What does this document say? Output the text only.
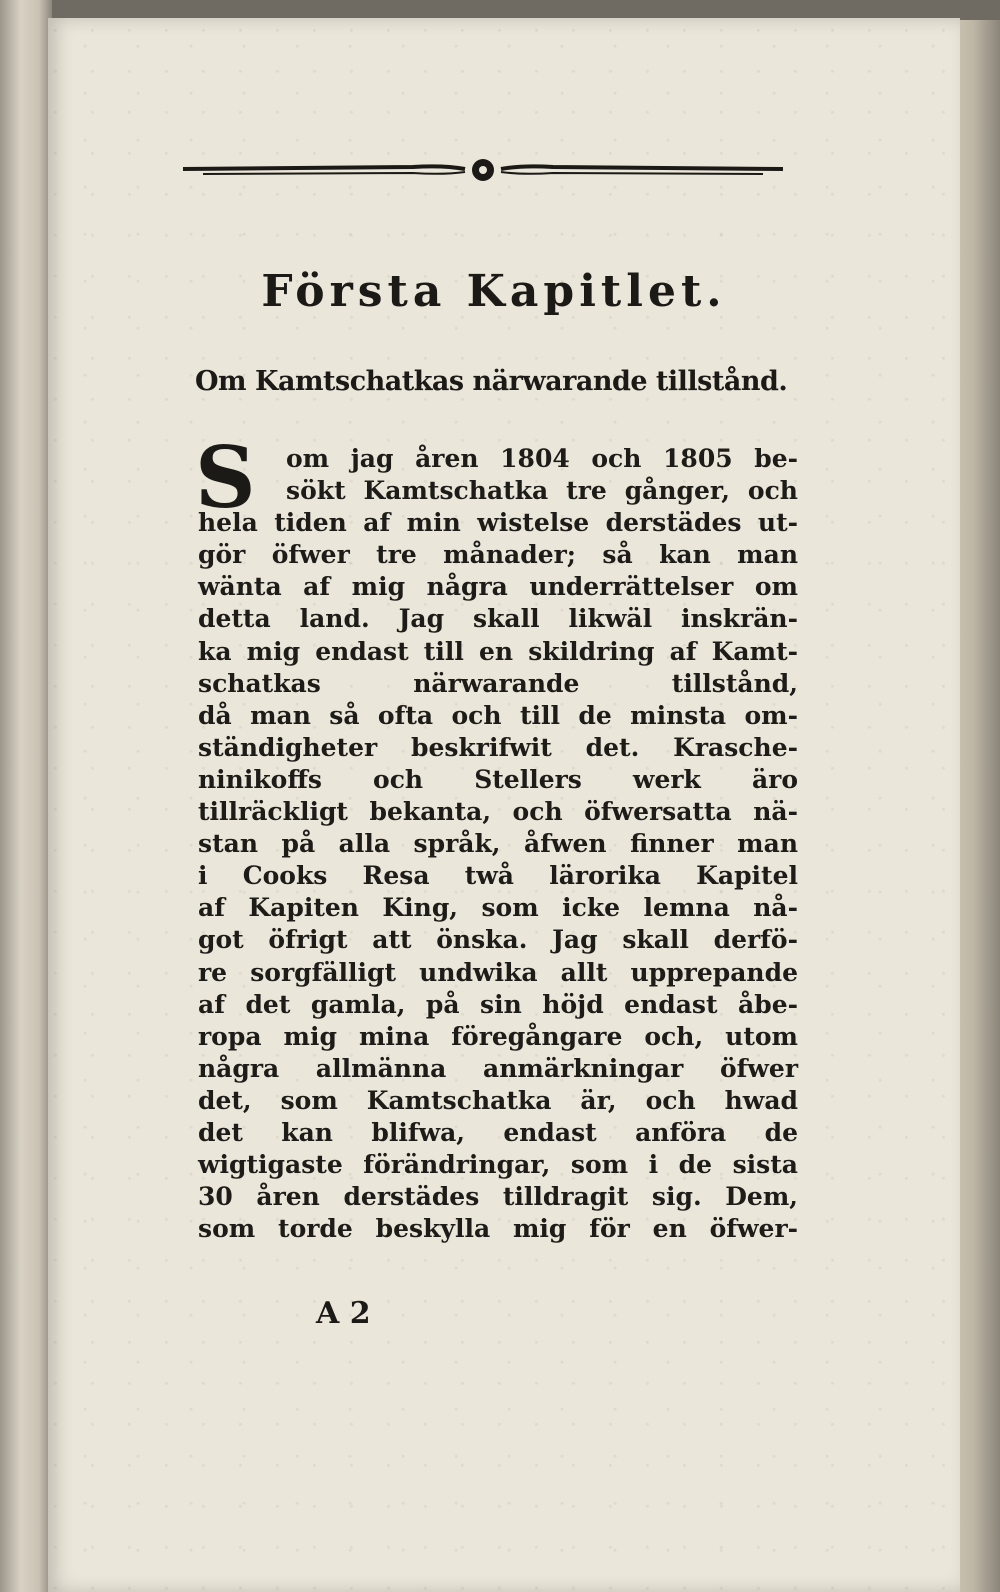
Första Kapitlet.
Om Kamtschatkas närwarande tillstånd.
S	om jag åren 1804 och 1805 be-
sökt Kamtschatka tre gånger, och
hela tiden af min wistelse derstädes ut-
gör öfwer tre månader; så kan man
wänta af mig några underrättelser om
detta land. Jag skall likwäl inskrän-
ka mig endast till en skildring af Kamt-
schatkas närwarande tillstånd,
då man så ofta och till de minsta om-
ständigheter beskrifwit det. Krasche-
ninikoffs och Stellers werk äro
tillräckligt bekanta, och öfwersatta nä-
stan på alla språk, åfwen finner man
i Cooks Resa twå lärorika Kapitel
af Kapiten King, som icke lemna nå-
got öfrigt att önska. Jag skall derfö-
re sorgfälligt undwika allt upprepande
af det gamla, på sin höjd endast åbe-
ropa mig mina föregångare och, utom
några allmänna anmärkningar öfwer
det, som Kamtschatka är, och hwad
det kan blifwa, endast anföra de
wigtigaste förändringar, som i de sista
30 åren derstädes tilldragit sig. Dem,
som torde beskylla mig för en öfwer-
A 2
